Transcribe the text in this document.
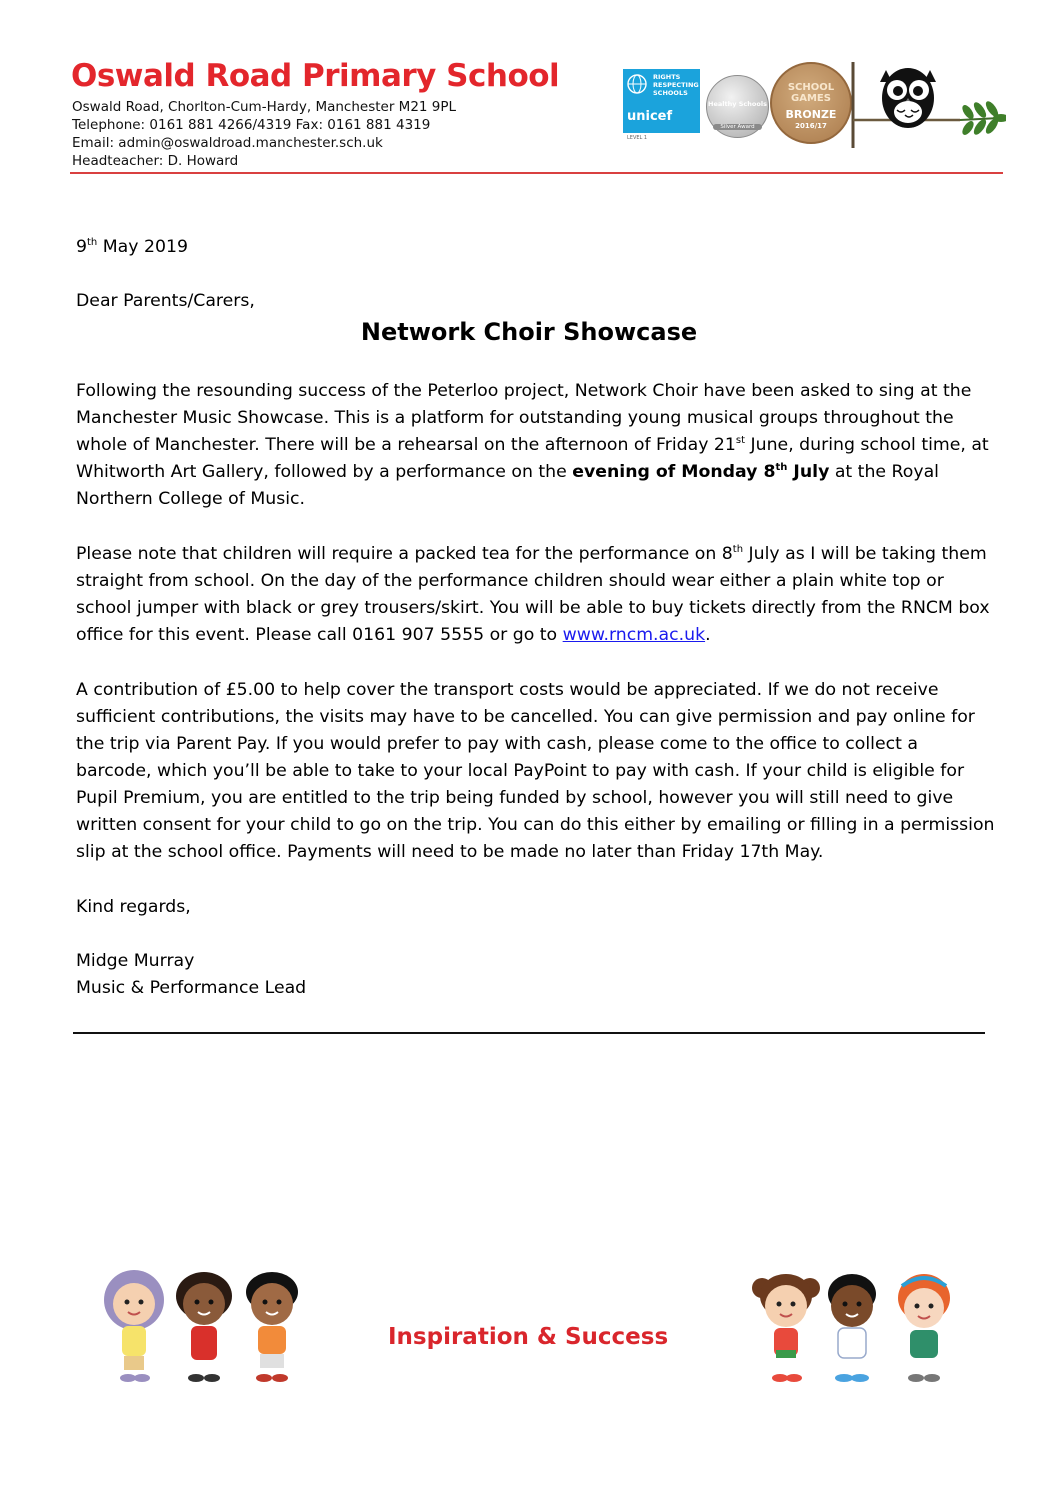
Oswald Road Primary School
Oswald Road, Chorlton-Cum-Hardy, Manchester M21 9PL
Telephone: 0161 881 4266/4319 Fax: 0161 881 4319
Email: admin@oswaldroad.manchester.sch.uk
Headteacher: D. Howard
RIGHTS
RESPECTING
SCHOOLS
unicef
LEVEL 1
Healthy Schools
Silver Award
SCHOOL
GAMES
BRONZE
2016/17

9th May 2019

Dear Parents/Carers,

Network Choir Showcase

Following the resounding success of the Peterloo project, Network Choir have been asked to sing at the Manchester Music Showcase. This is a platform for outstanding young musical groups throughout the whole of Manchester. There will be a rehearsal on the afternoon of Friday 21st June, during school time, at Whitworth Art Gallery, followed by a performance on the evening of Monday 8th July at the Royal Northern College of Music.

Please note that children will require a packed tea for the performance on 8th July as I will be taking them straight from school. On the day of the performance children should wear either a plain white top or school jumper with black or grey trousers/skirt. You will be able to buy tickets directly from the RNCM box office for this event. Please call 0161 907 5555 or go to www.rncm.ac.uk.

A contribution of £5.00 to help cover the transport costs would be appreciated. If we do not receive sufficient contributions, the visits may have to be cancelled. You can give permission and pay online for the trip via Parent Pay. If you would prefer to pay with cash, please come to the office to collect a barcode, which you’ll be able to take to your local PayPoint to pay with cash. If your child is eligible for Pupil Premium, you are entitled to the trip being funded by school, however you will still need to give written consent for your child to go on the trip. You can do this either by emailing or filling in a permission slip at the school office. Payments will need to be made no later than Friday 17th May.

Kind regards,

Midge Murray

Music & Performance Lead

Inspiration & Success
